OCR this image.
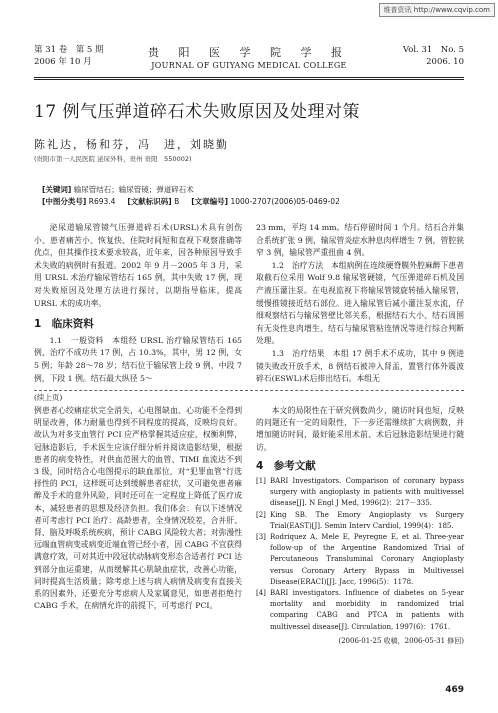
维普资讯 http://www.cqvip.com
第 31 卷　第 5 期
2006 年 10 月
贵 阳 医 学 院 学 报
JOURNAL OF GUIYANG MEDICAL COLLEGE
Vol. 31　No. 5
2006. 10
17 例气压弹道碎石术失败原因及处理对策
陈礼达，杨和芬，冯　进，刘晓勤
(贵阳市第一人民医院 泌尿外科，贵州 贵阳　550002)
[关键词] 输尿管结石；输尿管镜；弹道碎石术
[中图分类号] R693.4 [文献标识码] B [文章编号] 1000-2707(2006)05-0469-02

泌尿道输尿管镜气压弹道碎石术(URSL)术具有创伤小、患者痛苦小、恢复快、住院时间短和直视下观察准确等优点，但其操作技术要求较高，近年来，因各种原因导致手术失败的病例时有报道。2002 年 9 月－2005 年 3 月，采用 URSL 术治疗输尿管结石 165 例，其中失败 17 例，现对失败原因及处理方法进行探讨，以期指导临床，提高 URSL 术的成功率。

1　临床资料

1.1　一般资料　本组经 URSL 治疗输尿管结石 165 例，治疗不成功共 17 例，占 10.3%，其中，男 12 例，女 5 例；年龄 28～78 岁；结石位于输尿管上段 9 例，中段 7 例，下段 1 例。结石最大纵径 5～

23 mm，平均 14 mm。结石停留时间 1 个月。结石合并集合系统扩张 9 例，输尿管炎症水肿息肉样增生 7 例，管腔狭窄 3 例，输尿管严重扭曲 4 例。

1.2　治疗方法　本组病例在连续硬脊膜外腔麻醉下患者取截石位采用 Wolf 9.8 输尿管硬镜，气压弹道碎石机及国产液压灌注泵。在电视监视下将输尿管镜旋转插入输尿管，缓慢推镜接近结石部位。进入输尿管后减小灌注泵水流，仔细观察结石与输尿管壁比邻关系，根据结石大小、结石周围有无炎性息肉增生、结石与输尿管粘连情况等进行综合判断处理。

1.3　治疗结果　本组 17 例手术不成功，其中 9 例进镜失败改开放手术，8 例结石被冲入肾盂，置管行体外震波碎石(ESWL)术后排出结石。本组无

(续上页)

例患者心绞痛症状完全消失，心电图缺血、心功能不全得到明显改善，体力耐量也得到不同程度的提高，反映均良好。故认为对多支血管行 PCI 应严格掌握其适应症，权衡利弊，冠脉造影后，手术医生应该仔细分析并阅读造影结果，根据患者的病变特性，对供血范围大的血管、TIMI 血流达不到 3 级，同时结合心电图提示的缺血部位，对“犯罪血管”行选择性的 PCI，这样既可达到缓解患者症状，又可避免患者麻醉及手术的意外风险，同时还可在一定程度上降低了医疗成本，减轻患者的思想及经济负担。我们体会：有以下述情况者可考虑行 PCI 治疗：高龄患者，全身情况较差，合并肝、肾、脑及呼吸系统疾病，预计 CABG 风险较大者；对弥漫性远端血管病变或病变近端血管已经小者，因 CABG 不宜获得满意疗效，可对其近中段冠状动脉病变形态合适者行 PCI 达到部分血运重建，从而缓解其心肌缺血症状，改善心功能，同时提高生活质量；除考虑上述与病人病情及病变有直接关系的因素外，还要充分考虑病人及家属意见，如患者拒绝行 CABG 手术，在病情允许的前提下，可考虑行 PCI。

本文的局限性在于研究例数尚少，随访时间也短，反映的问题还有一定的局限性，下一步还需继续扩大病例数，并增加随访时间，最好能采用术前、术后冠脉造影结果进行随访。

4　参考文献
[1] BARI Investigators. Comparison of coronary bypass surgery with angioplasty in patients with multivessel disease[J]. N Engl J Med, 1996(2)：217－335.
[2] King SB. The Emory Angioplasty vs Surgery Trial(EAST)[J]. Semin Interv Cardiol, 1999(4)：185.
[3] Rodriquez A, Mele E, Peyregne E, et al. Three-year follow-up of the Argentine Randomized Trial of Percutaneous Transluminal Coronary Angioplasty versus Coronary Artery Bypass in Multivessel Disease(ERACI)[J]. Jacc, 1996(5)：1178.
[4] BARI investigators. Influence of diabetes on 5-year mortality and morbidity in randomized trial comparing CABG and PTCA in patients with multivessel disease[J]. Circulation, 1997(6)：1761.
(2006-01-25 收稿，2006-05-31 修回)
469
